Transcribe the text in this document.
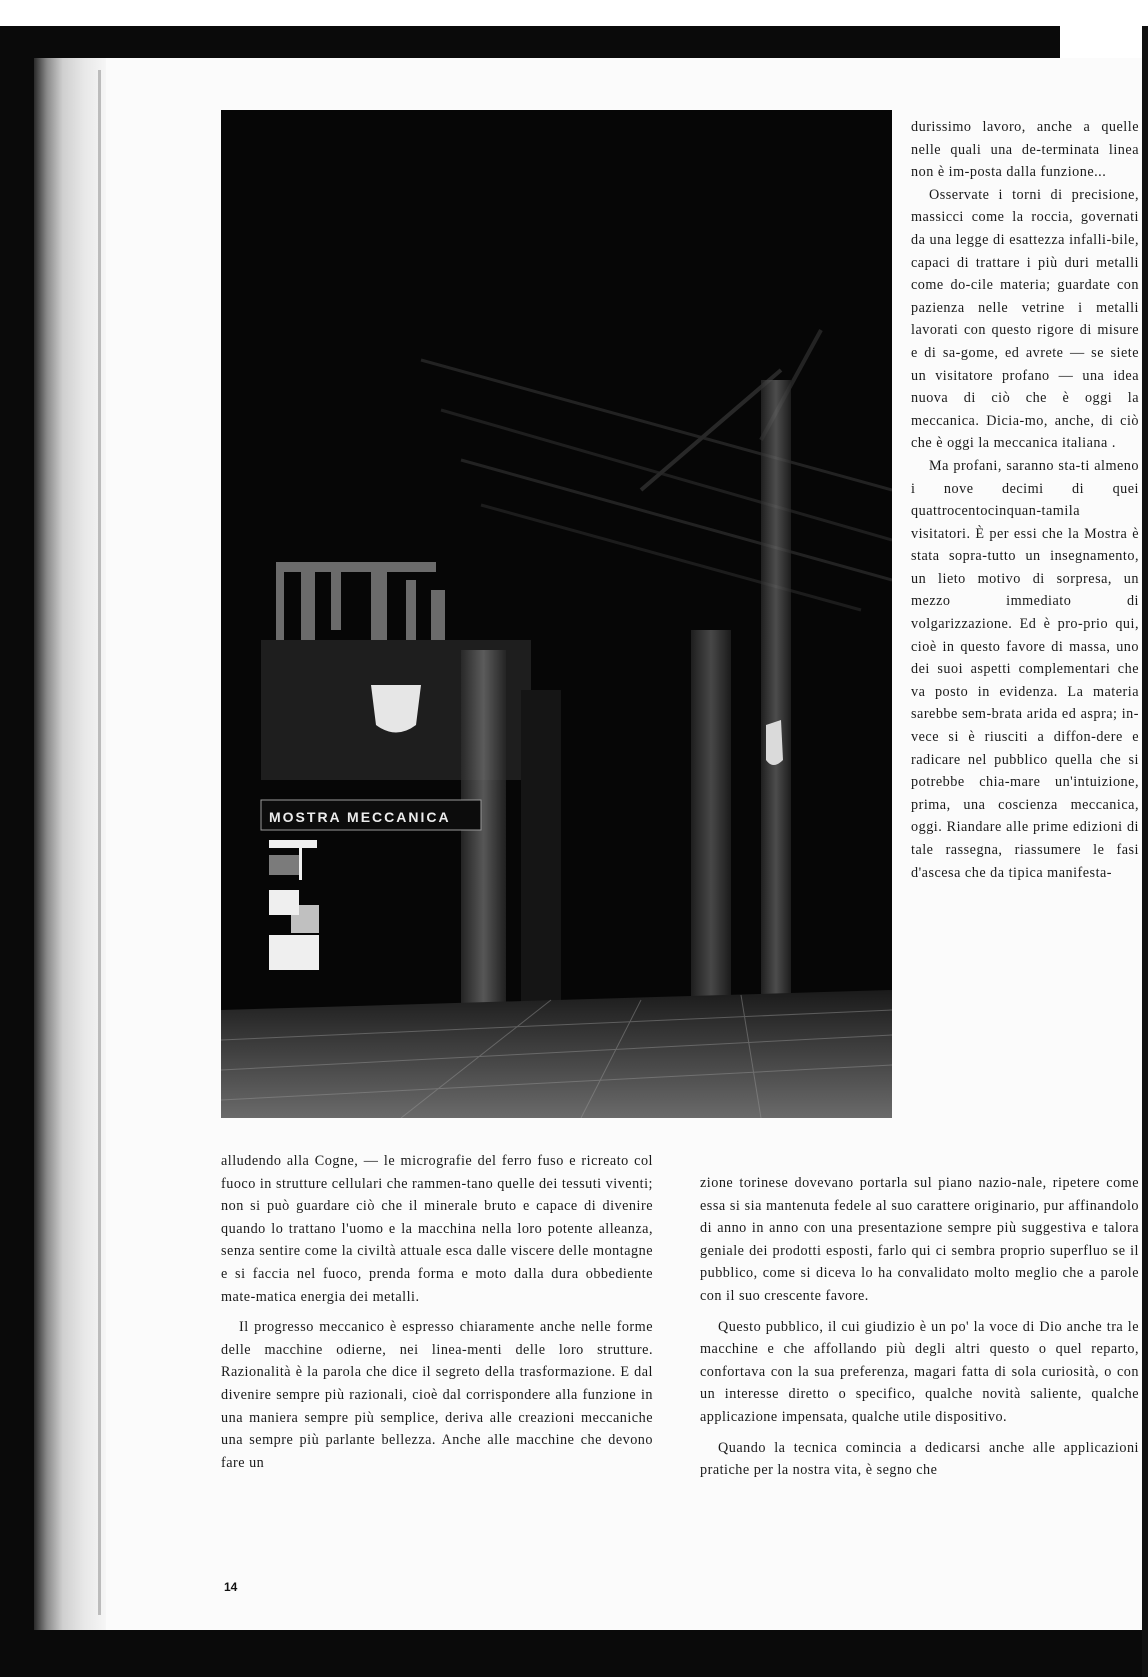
MOSTRA MECCANICA

durissimo lavoro, anche a quelle nelle quali una de-terminata linea non è im-posta dalla funzione...

Osservate i torni di precisione, massicci come la roccia, governati da una legge di esattezza infalli-bile, capaci di trattare i più duri metalli come do-cile materia; guardate con pazienza nelle vetrine i metalli lavorati con questo rigore di misure e di sa-gome, ed avrete — se siete un visitatore profano — una idea nuova di ciò che è oggi la meccanica. Dicia-mo, anche, di ciò che è oggi la meccanica italiana .

Ma profani, saranno sta-ti almeno i nove decimi di quei quattrocentocinquan-tamila visitatori. È per essi che la Mostra è stata sopra-tutto un insegnamento, un lieto motivo di sorpresa, un mezzo immediato di volgarizzazione. Ed è pro-prio qui, cioè in questo favore di massa, uno dei suoi aspetti complementari che va posto in evidenza. La materia sarebbe sem-brata arida ed aspra; in-vece si è riusciti a diffon-dere e radicare nel pubblico quella che si potrebbe chia-mare un'intuizione, prima, una coscienza meccanica, oggi. Riandare alle prime edizioni di tale rassegna, riassumere le fasi d'ascesa che da tipica manifesta-

alludendo alla Cogne, — le micrografie del ferro fuso e ricreato col fuoco in strutture cellulari che rammen-tano quelle dei tessuti viventi; non si può guardare ciò che il minerale bruto e capace di divenire quando lo trattano l'uomo e la macchina nella loro potente alleanza, senza sentire come la civiltà attuale esca dalle viscere delle montagne e si faccia nel fuoco, prenda forma e moto dalla dura obbediente mate-matica energia dei metalli.

Il progresso meccanico è espresso chiaramente anche nelle forme delle macchine odierne, nei linea-menti delle loro strutture. Razionalità è la parola che dice il segreto della trasformazione. E dal divenire sempre più razionali, cioè dal corrispondere alla funzione in una maniera sempre più semplice, deriva alle creazioni meccaniche una sempre più parlante bellezza. Anche alle macchine che devono fare un

zione torinese dovevano portarla sul piano nazio-nale, ripetere come essa si sia mantenuta fedele al suo carattere originario, pur affinandolo di anno in anno con una presentazione sempre più suggestiva e talora geniale dei prodotti esposti, farlo qui ci sembra proprio superfluo se il pubblico, come si diceva lo ha convalidato molto meglio che a parole con il suo crescente favore.

Questo pubblico, il cui giudizio è un po' la voce di Dio anche tra le macchine e che affollando più degli altri questo o quel reparto, confortava con la sua preferenza, magari fatta di sola curiosità, o con un interesse diretto o specifico, qualche novità saliente, qualche applicazione impensata, qualche utile dispositivo.

Quando la tecnica comincia a dedicarsi anche alle applicazioni pratiche per la nostra vita, è segno che

14
